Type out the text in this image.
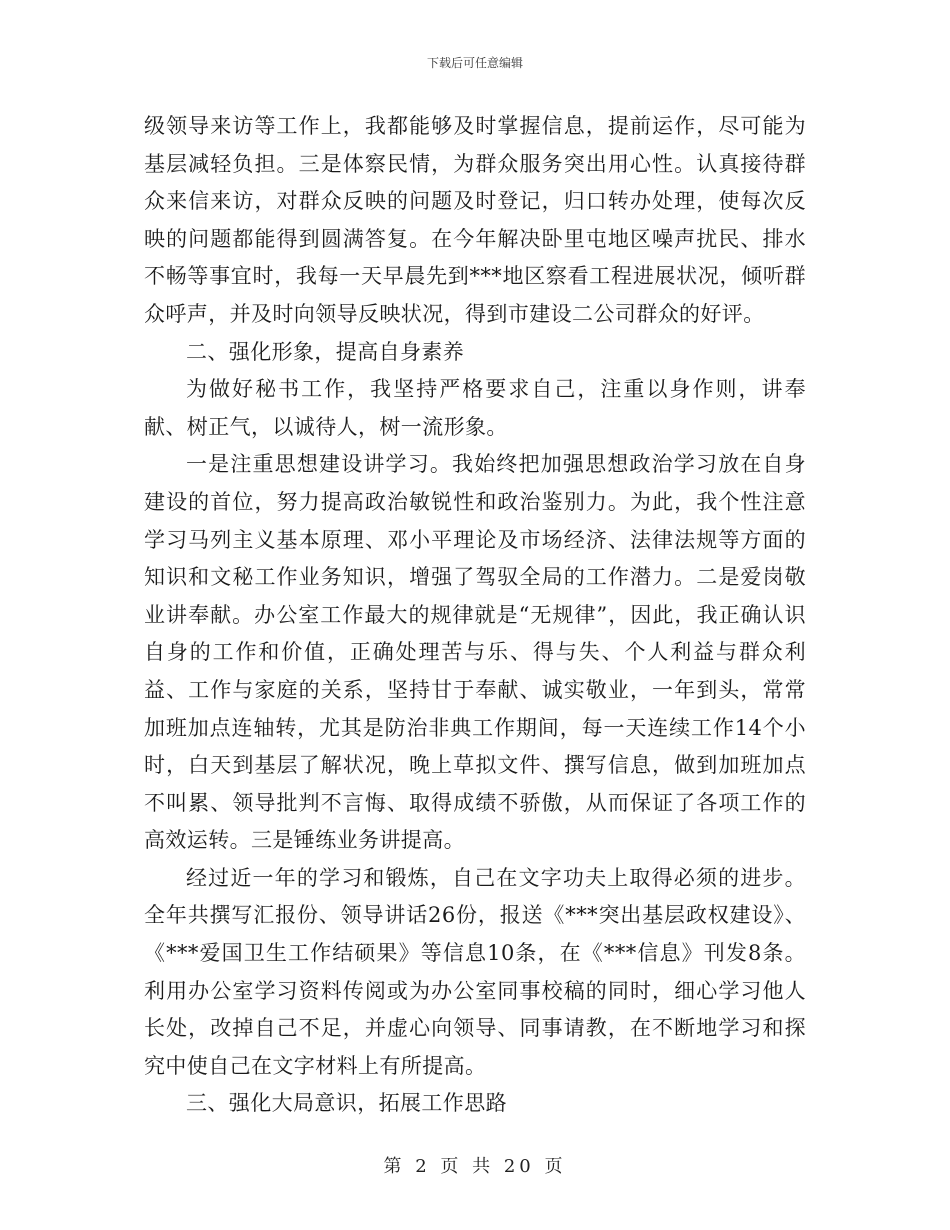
下载后可任意编辑

级领导来访等工作上，我都能够及时掌握信息，提前运作，尽可能为基层减轻负担。三是体察民情，为群众服务突出用心性。认真接待群众来信来访，对群众反映的问题及时登记，归口转办处理，使每次反映的问题都能得到圆满答复。在今年解决卧里屯地区噪声扰民、排水不畅等事宜时，我每一天早晨先到***地区察看工程进展状况，倾听群众呼声，并及时向领导反映状况，得到市建设二公司群众的好评。

二、强化形象，提高自身素养

为做好秘书工作，我坚持严格要求自己，注重以身作则，讲奉献、树正气，以诚待人，树一流形象。

一是注重思想建设讲学习。我始终把加强思想政治学习放在自身建设的首位，努力提高政治敏锐性和政治鉴别力。为此，我个性注意学习马列主义基本原理、邓小平理论及市场经济、法律法规等方面的知识和文秘工作业务知识，增强了驾驭全局的工作潜力。二是爱岗敬业讲奉献。办公室工作最大的规律就是“无规律”，因此，我正确认识自身的工作和价值，正确处理苦与乐、得与失、个人利益与群众利益、工作与家庭的关系，坚持甘于奉献、诚实敬业，一年到头，常常加班加点连轴转，尤其是防治非典工作期间，每一天连续工作14个小时，白天到基层了解状况，晚上草拟文件、撰写信息，做到加班加点不叫累、领导批判不言悔、取得成绩不骄傲，从而保证了各项工作的高效运转。三是锤练业务讲提高。

经过近一年的学习和锻炼，自己在文字功夫上取得必须的进步。全年共撰写汇报份、领导讲话26份，报送《***突出基层政权建设》、《***爱国卫生工作结硕果》等信息10条，在《***信息》刊发8条。利用办公室学习资料传阅或为办公室同事校稿的同时，细心学习他人长处，改掉自己不足，并虚心向领导、同事请教，在不断地学习和探究中使自己在文字材料上有所提高。

三、强化大局意识，拓展工作思路

第 2 页 共 20 页
